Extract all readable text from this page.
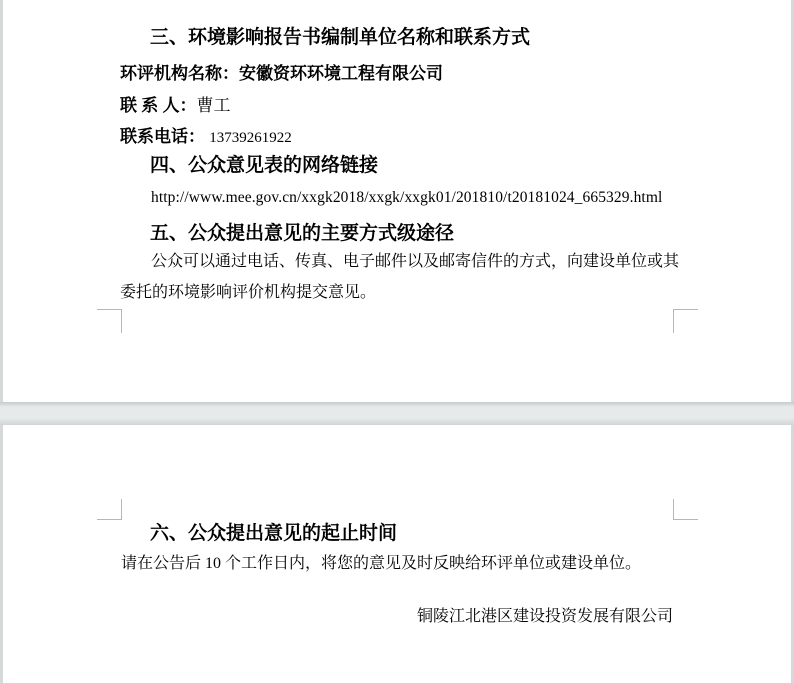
三、环境影响报告书编制单位名称和联系方式
环评机构名称：安徽资环环境工程有限公司
联 系 人：曹工
联系电话： 13739261922
四、公众意见表的网络链接
http://www.mee.gov.cn/xxgk2018/xxgk/xxgk01/201810/t20181024_665329.html
五、公众提出意见的主要方式级途径
公众可以通过电话、传真、电子邮件以及邮寄信件的方式，向建设单位或其
委托的环境影响评价机构提交意见。
六、公众提出意见的起止时间
请在公告后 10 个工作日内，将您的意见及时反映给环评单位或建设单位。
铜陵江北港区建设投资发展有限公司
